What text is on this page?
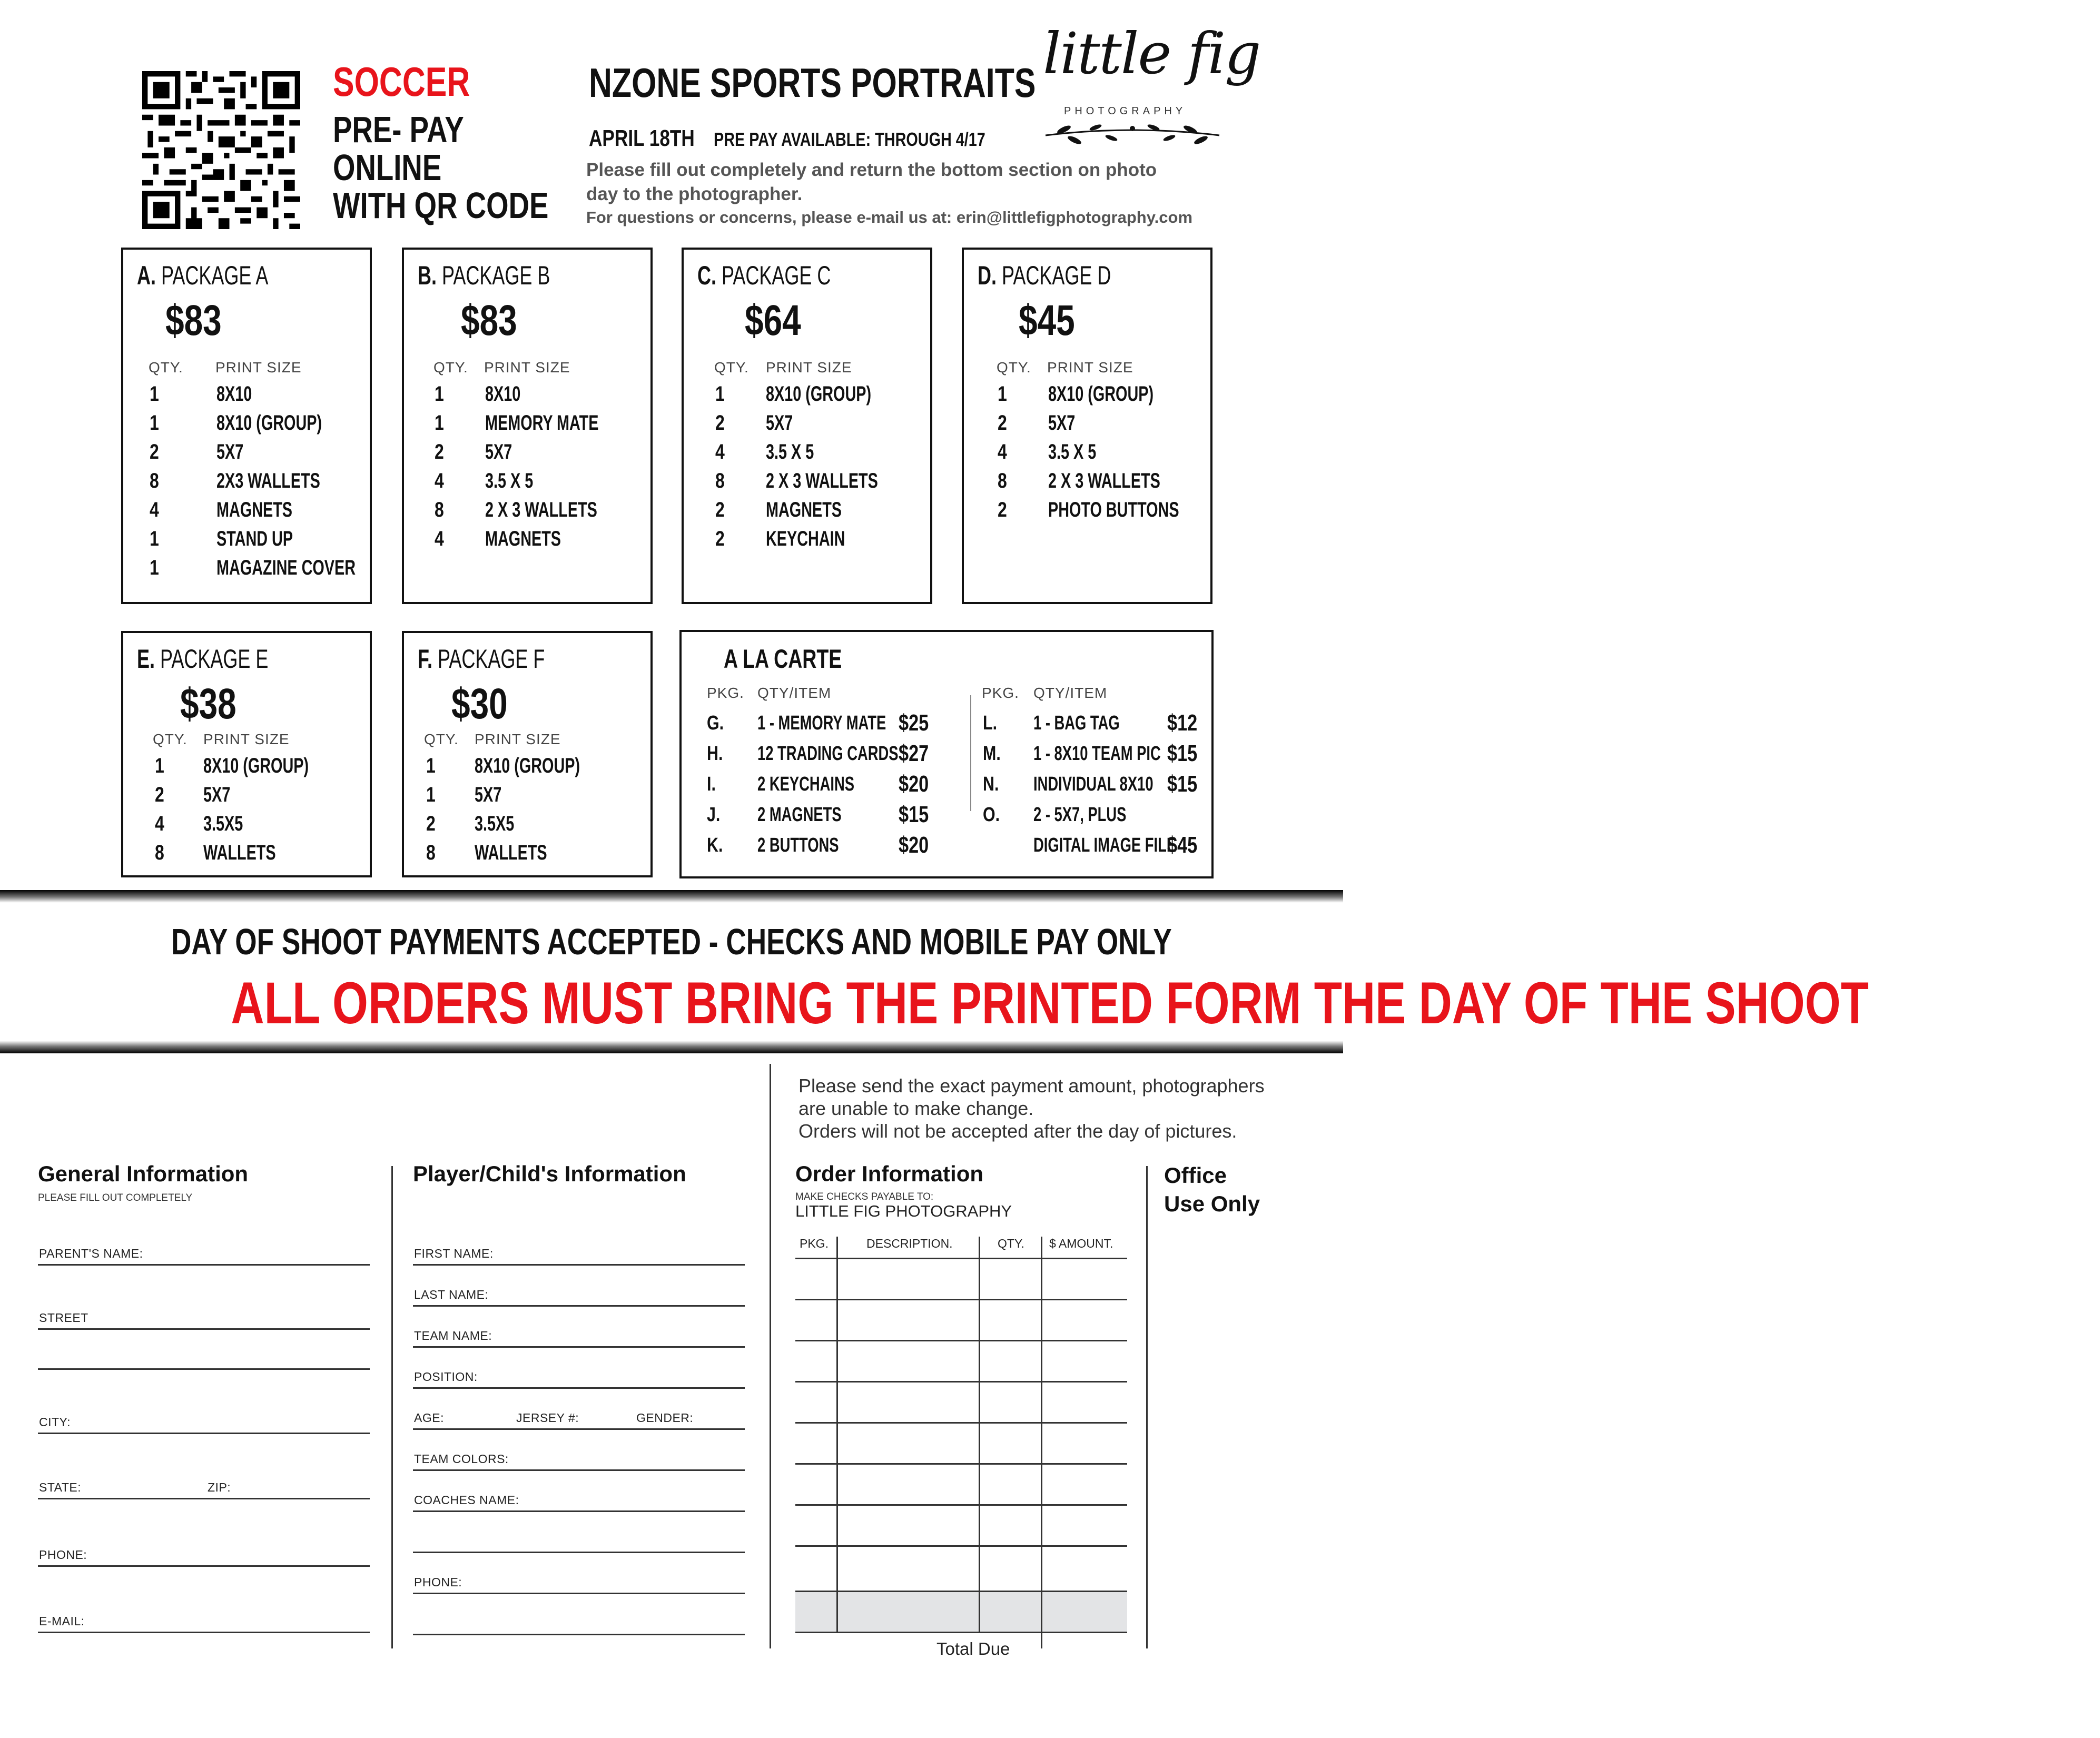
SOCCER
PRE- PAY
ONLINE
WITH QR CODE
NZONE SPORTS PORTRAITS
APRIL 18TH PRE PAY AVAILABLE: THROUGH 4/17
Please fill out completely and return the bottom section on photo day to the photographer.
For questions or concerns, please e-mail us at: erin@littlefigphotography.com
little fig
PHOTOGRAPHY
A. PACKAGE A
$83
QTY. PRINT SIZE
1	8X10
1	8X10 (GROUP)
2	5X7
8	2X3 WALLETS
4	MAGNETS
1	STAND UP
1	MAGAZINE COVER
B. PACKAGE B
$83
QTY. PRINT SIZE
1 8X10
1 MEMORY MATE
2 5X7
4 3.5 X 5
8 2 X 3 WALLETS
4 MAGNETS
C. PACKAGE C
$64
QTY. PRINT SIZE
1 8X10 (GROUP)
2 5X7
4 3.5 X 5
8 2 X 3 WALLETS
2 MAGNETS
2 KEYCHAIN
D. PACKAGE D
$45
QTY. PRINT SIZE
1 8X10 (GROUP)
2 5X7
4 3.5 X 5
8 2 X 3 WALLETS
2 PHOTO BUTTONS
E. PACKAGE E
$38
QTY. PRINT SIZE
1 8X10 (GROUP)
2 5X7
4 3.5X5
8 WALLETS
F. PACKAGE F
$30
QTY. PRINT SIZE
1 8X10 (GROUP)
1 5X7
2 3.5X5
8 WALLETS
A LA CARTE
PKG. QTY/ITEM	PKG. QTY/ITEM
G. 1 - MEMORY MATE $25
H. 12 TRADING CARDS $27
I. 2 KEYCHAINS $20
J. 2 MAGNETS $15
K. 2 BUTTONS	$20
L. 1 - BAG TAG $12
M. 1 - 8X10 TEAM PIC $15
N. INDIVIDUAL 8X10 $15
O. 2 - 5X7, PLUS
DIGITAL IMAGE FILE
$45
DAY OF SHOOT PAYMENTS ACCEPTED - CHECKS AND MOBILE PAY ONLY
ALL ORDERS MUST BRING THE PRINTED FORM THE DAY OF THE SHOOT
Please send the exact payment amount, photographers
are unable to make change.
Orders will not be accepted after the day of pictures.
General Information
PLEASE FILL OUT COMPLETELY
PARENT'S NAME:
STREET
CITY:
STATE:	ZIP:
PHONE:
E-MAIL:
Player/Child's Information
FIRST NAME:
LAST NAME:
TEAM NAME:
POSITION:
AGE:	JERSEY #:	GENDER:
TEAM COLORS:
COACHES NAME:
PHONE:
Order Information
MAKE CHECKS PAYABLE TO:
LITTLE FIG PHOTOGRAPHY
PKG.	DESCRIPTION.	QTY. $ AMOUNT.
Total Due
Office
Use Only
